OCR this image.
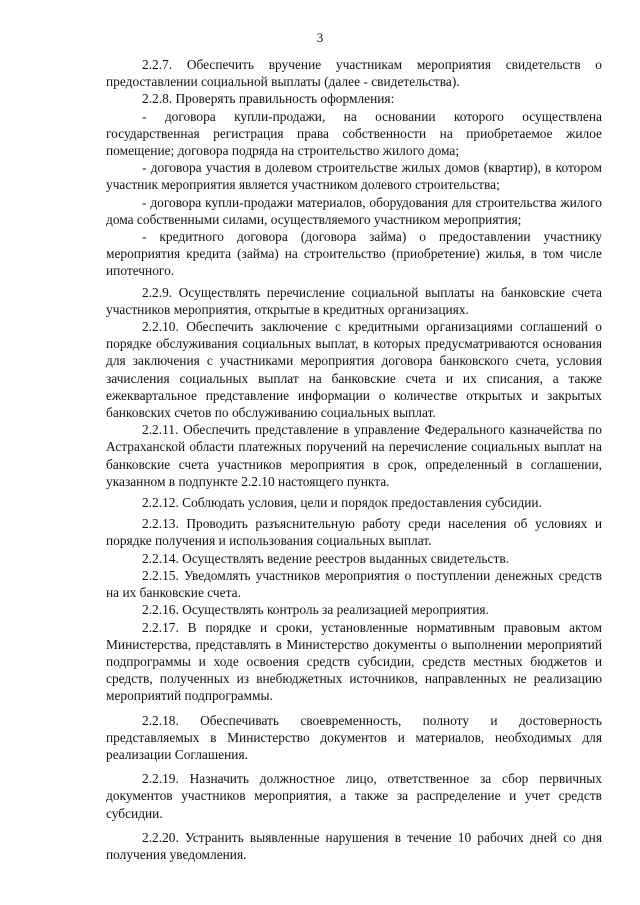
3

2.2.7. Обеспечить вручение участникам мероприятия свидетельств о предоставлении социальной выплаты (далее - свидетельства).

2.2.8. Проверять правильность оформления:

- договора купли-продажи, на основании которого осуществлена государственная регистрация права собственности на приобретаемое жилое помещение; договора подряда на строительство жилого дома;

- договора участия в долевом строительстве жилых домов (квартир), в котором участник мероприятия является участником долевого строительства;

- договора купли-продажи материалов, оборудования для строительства жилого дома собственными силами, осуществляемого участником мероприятия;

- кредитного договора (договора займа) о предоставлении участнику мероприятия кредита (займа) на строительство (приобретение) жилья, в том числе ипотечного.

2.2.9. Осуществлять перечисление социальной выплаты на банковские счета участников мероприятия, открытые в кредитных организациях.

2.2.10. Обеспечить заключение с кредитными организациями соглашений о порядке обслуживания социальных выплат, в которых предусматриваются основания для заключения с участниками мероприятия договора банковского счета, условия зачисления социальных выплат на банковские счета и их списания, а также ежеквартальное представление информации о количестве открытых и закрытых банковских счетов по обслуживанию социальных выплат.

2.2.11. Обеспечить представление в управление Федерального казначейства по Астраханской области платежных поручений на перечисление социальных выплат на банковские счета участников мероприятия в срок, определенный в соглашении, указанном в подпункте 2.2.10 настоящего пункта.

2.2.12. Соблюдать условия, цели и порядок предоставления субсидии.

2.2.13. Проводить разъяснительную работу среди населения об условиях и порядке получения и использования социальных выплат.

2.2.14. Осуществлять ведение реестров выданных свидетельств.

2.2.15. Уведомлять участников мероприятия о поступлении денежных средств на их банковские счета.

2.2.16. Осуществлять контроль за реализацией мероприятия.

2.2.17. В порядке и сроки, установленные нормативным правовым актом Министерства, представлять в Министерство документы о выполнении мероприятий подпрограммы и ходе освоения средств субсидии, средств местных бюджетов и средств, полученных из внебюджетных источников, направленных не реализацию мероприятий подпрограммы.

2.2.18. Обеспечивать своевременность, полноту и достоверность представляемых в Министерство документов и материалов, необходимых для реализации Соглашения.

2.2.19. Назначить должностное лицо, ответственное за сбор первичных документов участников мероприятия, а также за распределение и учет средств субсидии.

2.2.20. Устранить выявленные нарушения в течение 10 рабочих дней со дня получения уведомления.
